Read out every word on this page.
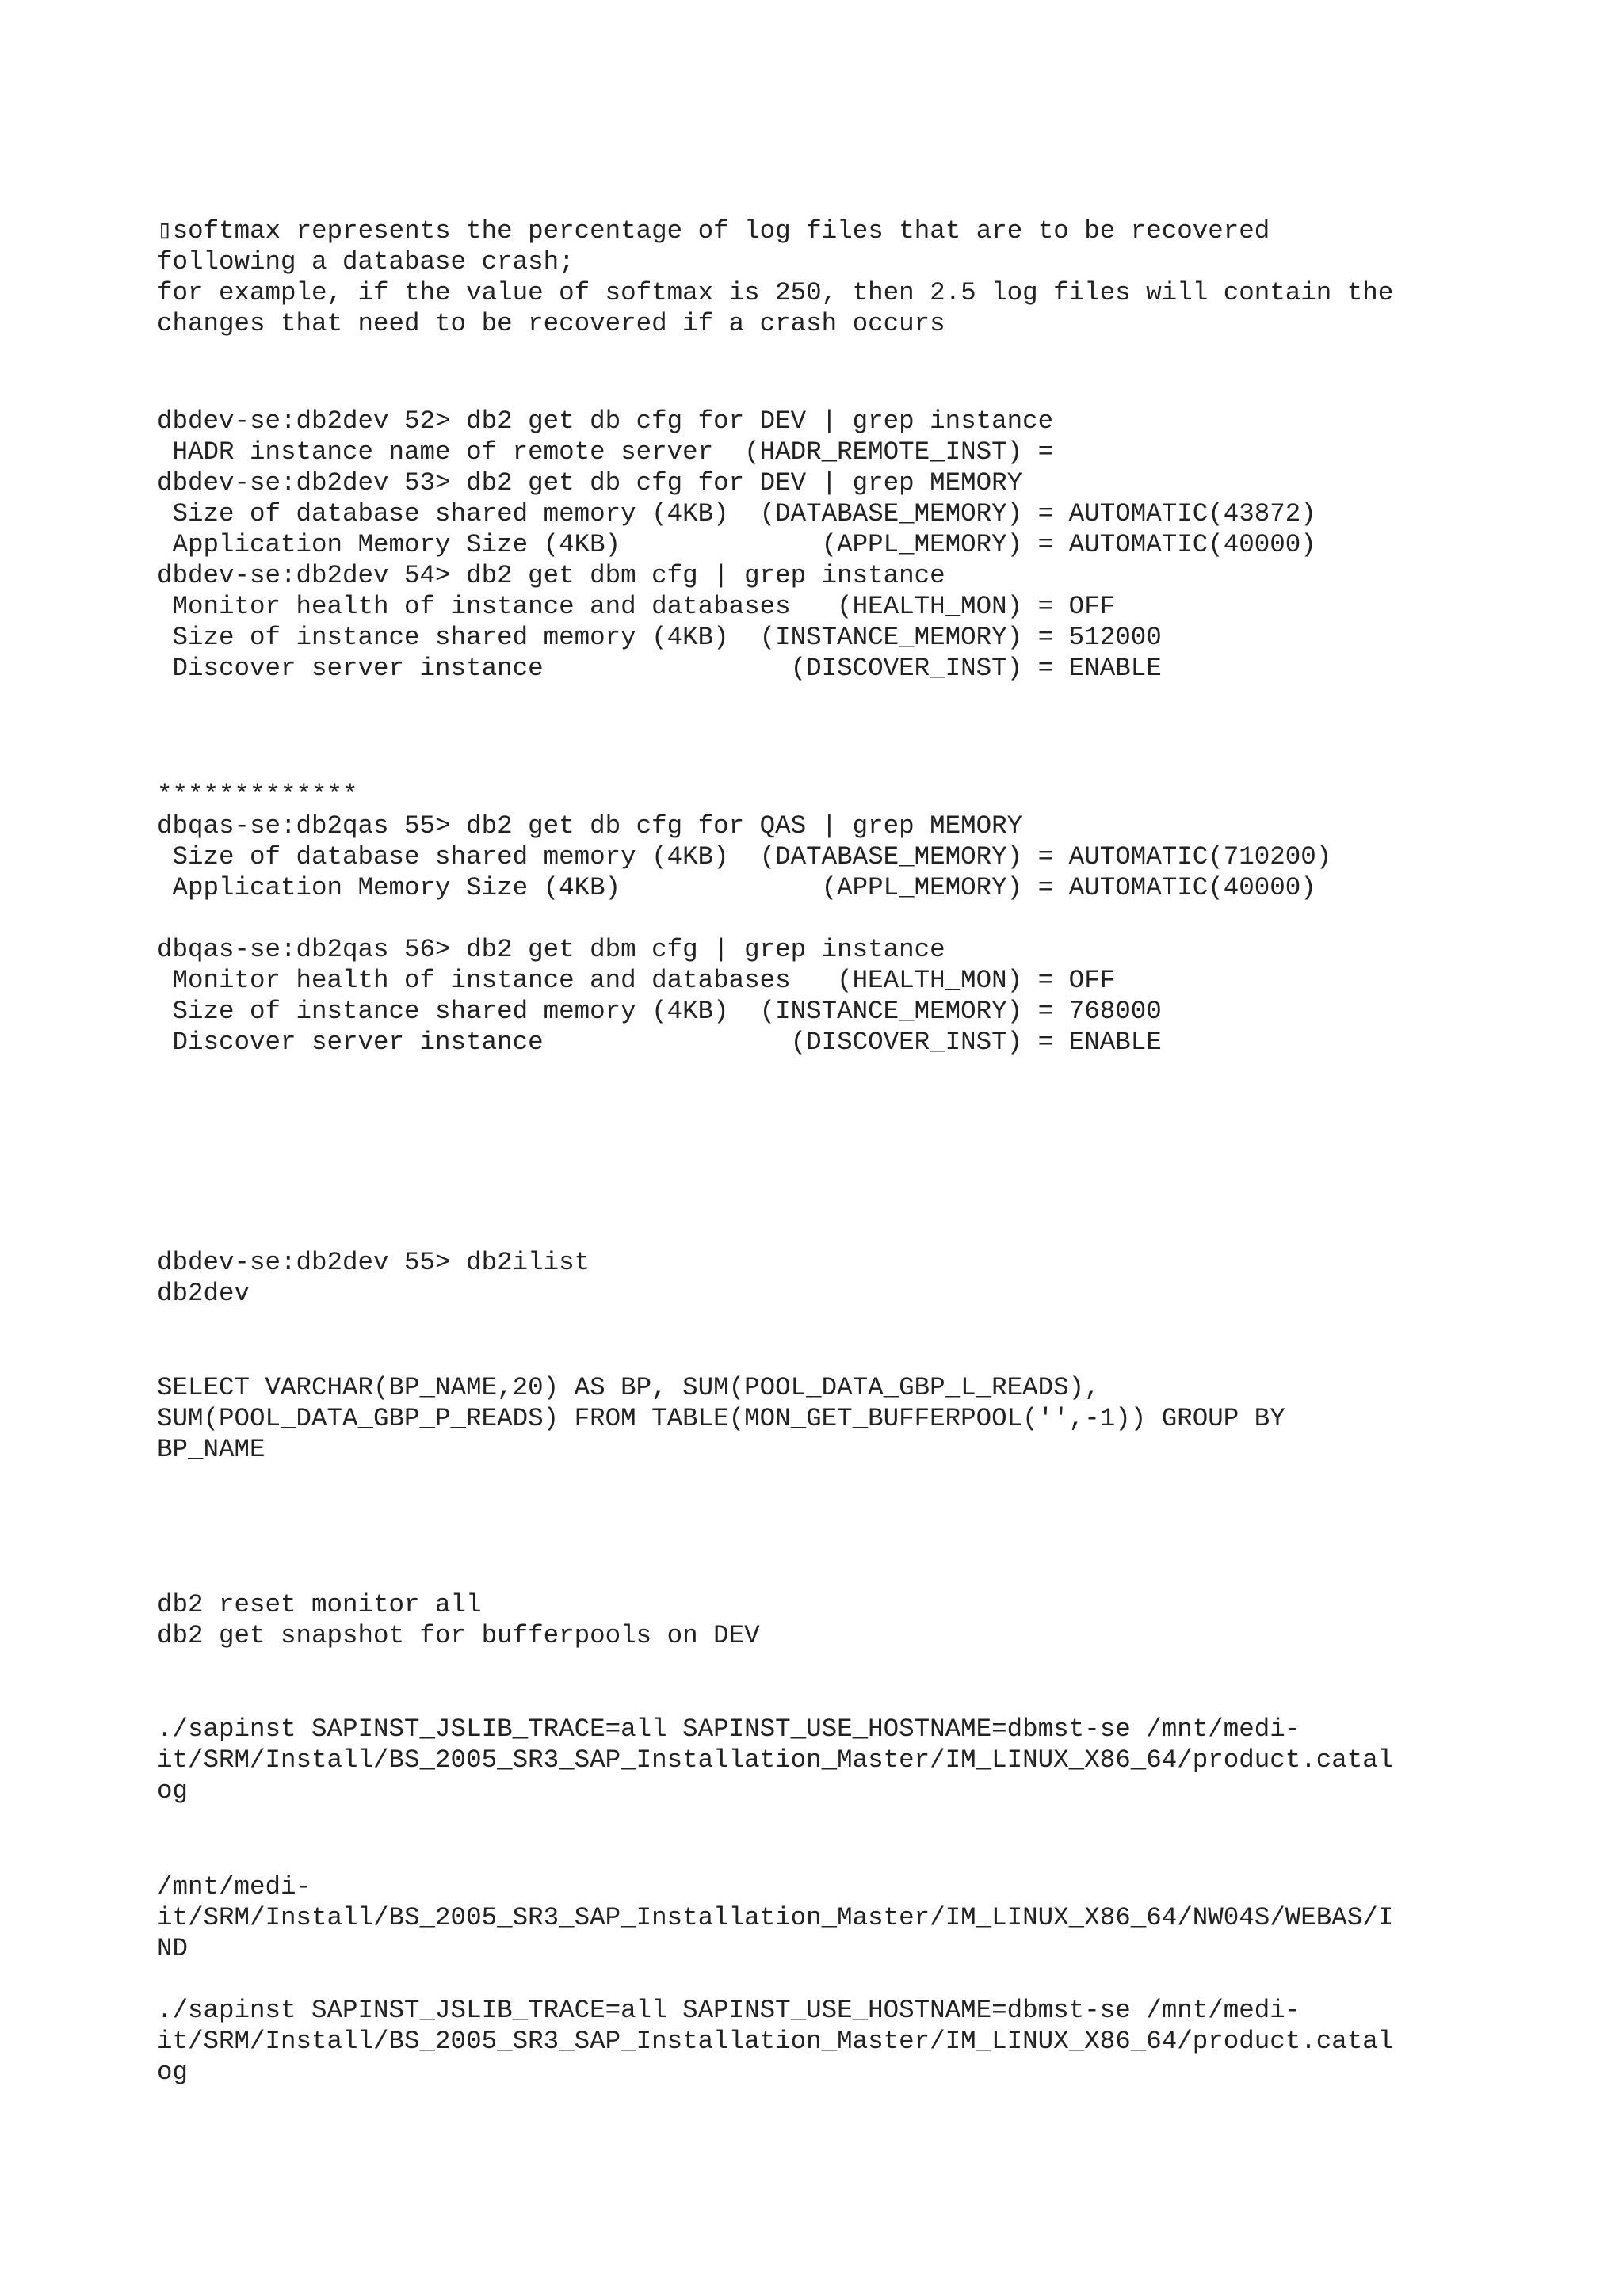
▯softmax represents the percentage of log files that are to be recovered
following a database crash;
for example, if the value of softmax is 250, then 2.5 log files will contain the
changes that need to be recovered if a crash occurs
dbdev-se:db2dev 52> db2 get db cfg for DEV | grep instance
HADR instance name of remote server  (HADR_REMOTE_INST) =
dbdev-se:db2dev 53> db2 get db cfg for DEV | grep MEMORY
Size of database shared memory (4KB)  (DATABASE_MEMORY) = AUTOMATIC(43872)
Application Memory Size (4KB)             (APPL_MEMORY) = AUTOMATIC(40000)
dbdev-se:db2dev 54> db2 get dbm cfg | grep instance
Monitor health of instance and databases   (HEALTH_MON) = OFF
Size of instance shared memory (4KB)  (INSTANCE_MEMORY) = 512000
Discover server instance                (DISCOVER_INST) = ENABLE
*************
dbqas-se:db2qas 55> db2 get db cfg for QAS | grep MEMORY
Size of database shared memory (4KB)  (DATABASE_MEMORY) = AUTOMATIC(710200)
Application Memory Size (4KB)             (APPL_MEMORY) = AUTOMATIC(40000)

dbqas-se:db2qas 56> db2 get dbm cfg | grep instance
Monitor health of instance and databases   (HEALTH_MON) = OFF
Size of instance shared memory (4KB)  (INSTANCE_MEMORY) = 768000
Discover server instance                (DISCOVER_INST) = ENABLE
dbdev-se:db2dev 55> db2ilist
db2dev
SELECT VARCHAR(BP_NAME,20) AS BP, SUM(POOL_DATA_GBP_L_READS),
SUM(POOL_DATA_GBP_P_READS) FROM TABLE(MON_GET_BUFFERPOOL('',-1)) GROUP BY
BP_NAME
db2 reset monitor all
db2 get snapshot for bufferpools on DEV
./sapinst SAPINST_JSLIB_TRACE=all SAPINST_USE_HOSTNAME=dbmst-se /mnt/medi-
it/SRM/Install/BS_2005_SR3_SAP_Installation_Master/IM_LINUX_X86_64/product.catal
og
/mnt/medi-
it/SRM/Install/BS_2005_SR3_SAP_Installation_Master/IM_LINUX_X86_64/NW04S/WEBAS/I
ND

./sapinst SAPINST_JSLIB_TRACE=all SAPINST_USE_HOSTNAME=dbmst-se /mnt/medi-
it/SRM/Install/BS_2005_SR3_SAP_Installation_Master/IM_LINUX_X86_64/product.catal
og
